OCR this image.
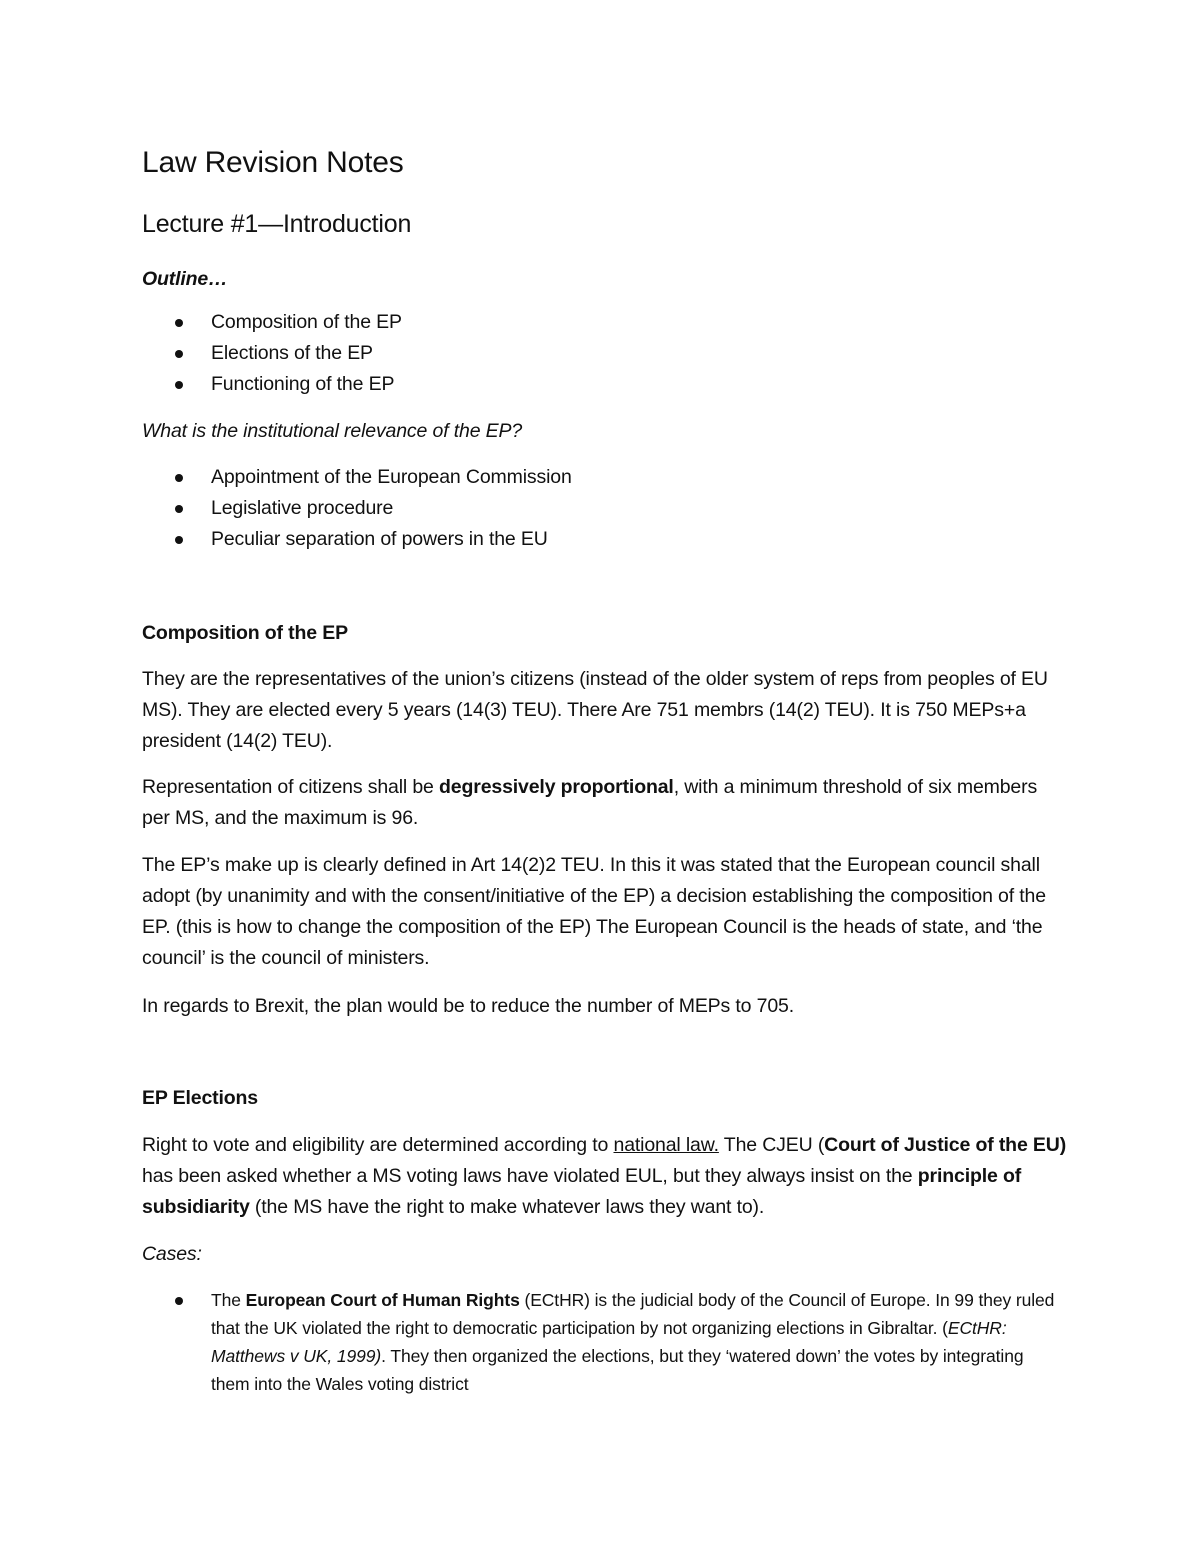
Law Revision Notes
Lecture #1—Introduction
Outline…
Composition of the EP
Elections of the EP
Functioning of the EP
What is the institutional relevance of the EP?
Appointment of the European Commission
Legislative procedure
Peculiar separation of powers in the EU
Composition of the EP
They are the representatives of the union’s citizens (instead of the older system of reps from peoples of EU MS). They are elected every 5 years (14(3) TEU). There Are 751 membrs (14(2) TEU). It is 750 MEPs+a president (14(2) TEU).
Representation of citizens shall be degressively proportional, with a minimum threshold of six members per MS, and the maximum is 96.
The EP’s make up is clearly defined in Art 14(2)2 TEU. In this it was stated that the European council shall adopt (by unanimity and with the consent/initiative of the EP) a decision establishing the composition of the EP. (this is how to change the composition of the EP) The European Council is the heads of state, and ‘the council’ is the council of ministers.
In regards to Brexit, the plan would be to reduce the number of MEPs to 705.
EP Elections
Right to vote and eligibility are determined according to national law. The CJEU (Court of Justice of the EU) has been asked whether a MS voting laws have violated EUL, but they always insist on the principle of subsidiarity (the MS have the right to make whatever laws they want to).
Cases:
The European Court of Human Rights (ECtHR) is the judicial body of the Council of Europe. In 99 they ruled that the UK violated the right to democratic participation by not organizing elections in Gibraltar. (ECtHR: Matthews v UK, 1999). They then organized the elections, but they ‘watered down’ the votes by integrating them into the Wales voting district
